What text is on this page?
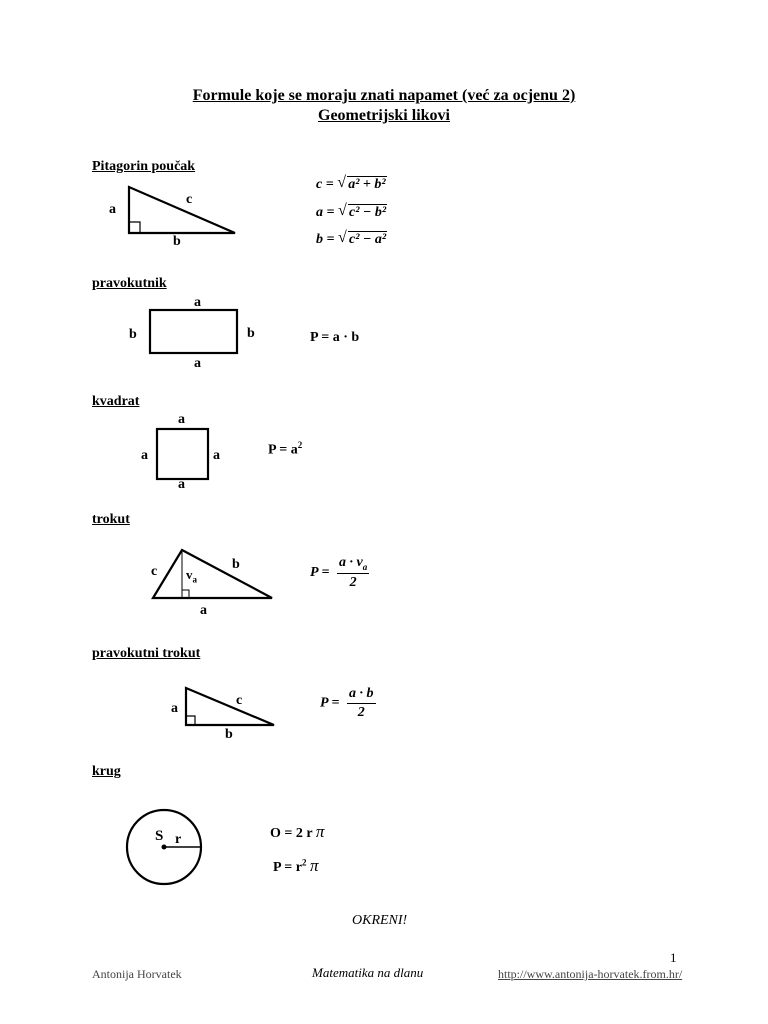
Formule koje se moraju znati napamet (već za ocjenu 2)
Geometrijski likovi
Pitagorin poučak
a
c
b
c = √ a² + b²
a = √ c² − b²
b = √ c² − a²
pravokutnik
a
b	b
a
P = a · b
kvadrat
a
a	a
a
$P = a^2$
trokut
c	b
a
$v_a$	$P = \frac{a \cdot v_a}{2}$
pravokutni trokut
a
c
b
$P = \frac{a \cdot b}{2}$
krug
S r	O = 2 r π
$P = r^2$ π
OKRENI!
1
Antonija Horvatek	Matematika na dlanu	http://www.antonija-horvatek.from.hr/
